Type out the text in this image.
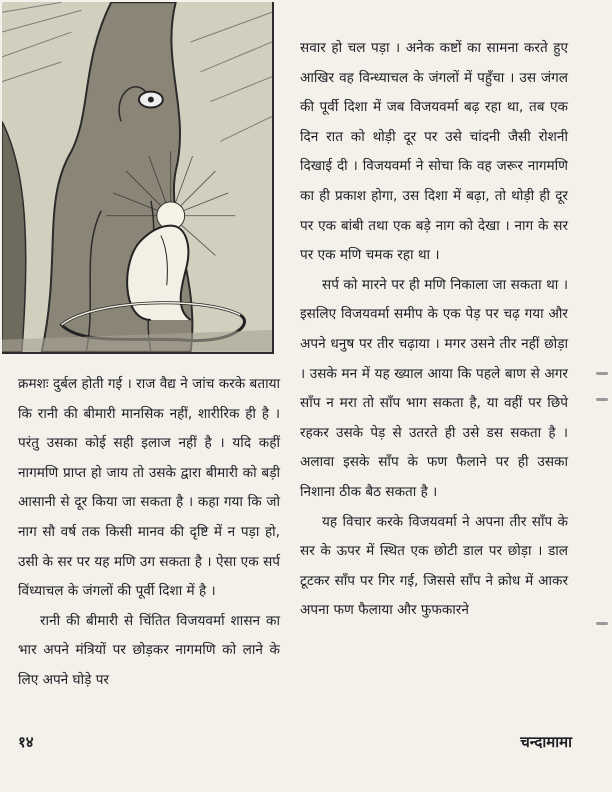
क्रमशः दुर्बल होती गई । राज वैद्य ने जांच करके बताया कि रानी की बीमारी मानसिक नहीं, शारीरिक ही है । परंतु उसका कोई सही इलाज नहीं है । यदि कहीं नागमणि प्राप्त हो जाय तो उसके द्वारा बीमारी को बड़ी आसानी से दूर किया जा सकता है । कहा गया कि जो नाग सौ वर्ष तक किसी मानव की दृष्टि में न पड़ा हो, उसी के सर पर यह मणि उग सकता है । ऐसा एक सर्प विंध्याचल के जंगलों की पूर्वी दिशा में है ।

रानी की बीमारी से चिंतित विजयवर्मा शासन का भार अपने मंत्रियों पर छोड़कर नागमणि को लाने के लिए अपने घोड़े पर

सवार हो चल पड़ा । अनेक कष्टों का सामना करते हुए आखिर वह विन्ध्याचल के जंगलों में पहुँचा । उस जंगल की पूर्वी दिशा में जब विजयवर्मा बढ़ रहा था, तब एक दिन रात को थोड़ी दूर पर उसे चांदनी जैसी रोशनी दिखाई दी । विजयवर्मा ने सोचा कि वह जरूर नागमणि का ही प्रकाश होगा, उस दिशा में बढ़ा, तो थोड़ी ही दूर पर एक बांबी तथा एक बड़े नाग को देखा । नाग के सर पर एक मणि चमक रहा था ।

सर्प को मारने पर ही मणि निकाला जा सकता था । इसलिए विजयवर्मा समीप के एक पेड़ पर चढ़ गया और अपने धनुष पर तीर चढ़ाया । मगर उसने तीर नहीं छोड़ा । उसके मन में यह ख्याल आया कि पहले बाण से अगर साँप न मरा तो साँप भाग सकता है, या वहीं पर छिपे रहकर उसके पेड़ से उतरते ही उसे डस सकता है । अलावा इसके साँप के फण फैलाने पर ही उसका निशाना ठीक बैठ सकता है ।

यह विचार करके विजयवर्मा ने अपना तीर साँप के सर के ऊपर में स्थित एक छोटी डाल पर छोड़ा । डाल टूटकर साँप पर गिर गई, जिससे साँप ने क्रोध में आकर अपना फण फैलाया और फुफकारने

१४	चन्दामामा
